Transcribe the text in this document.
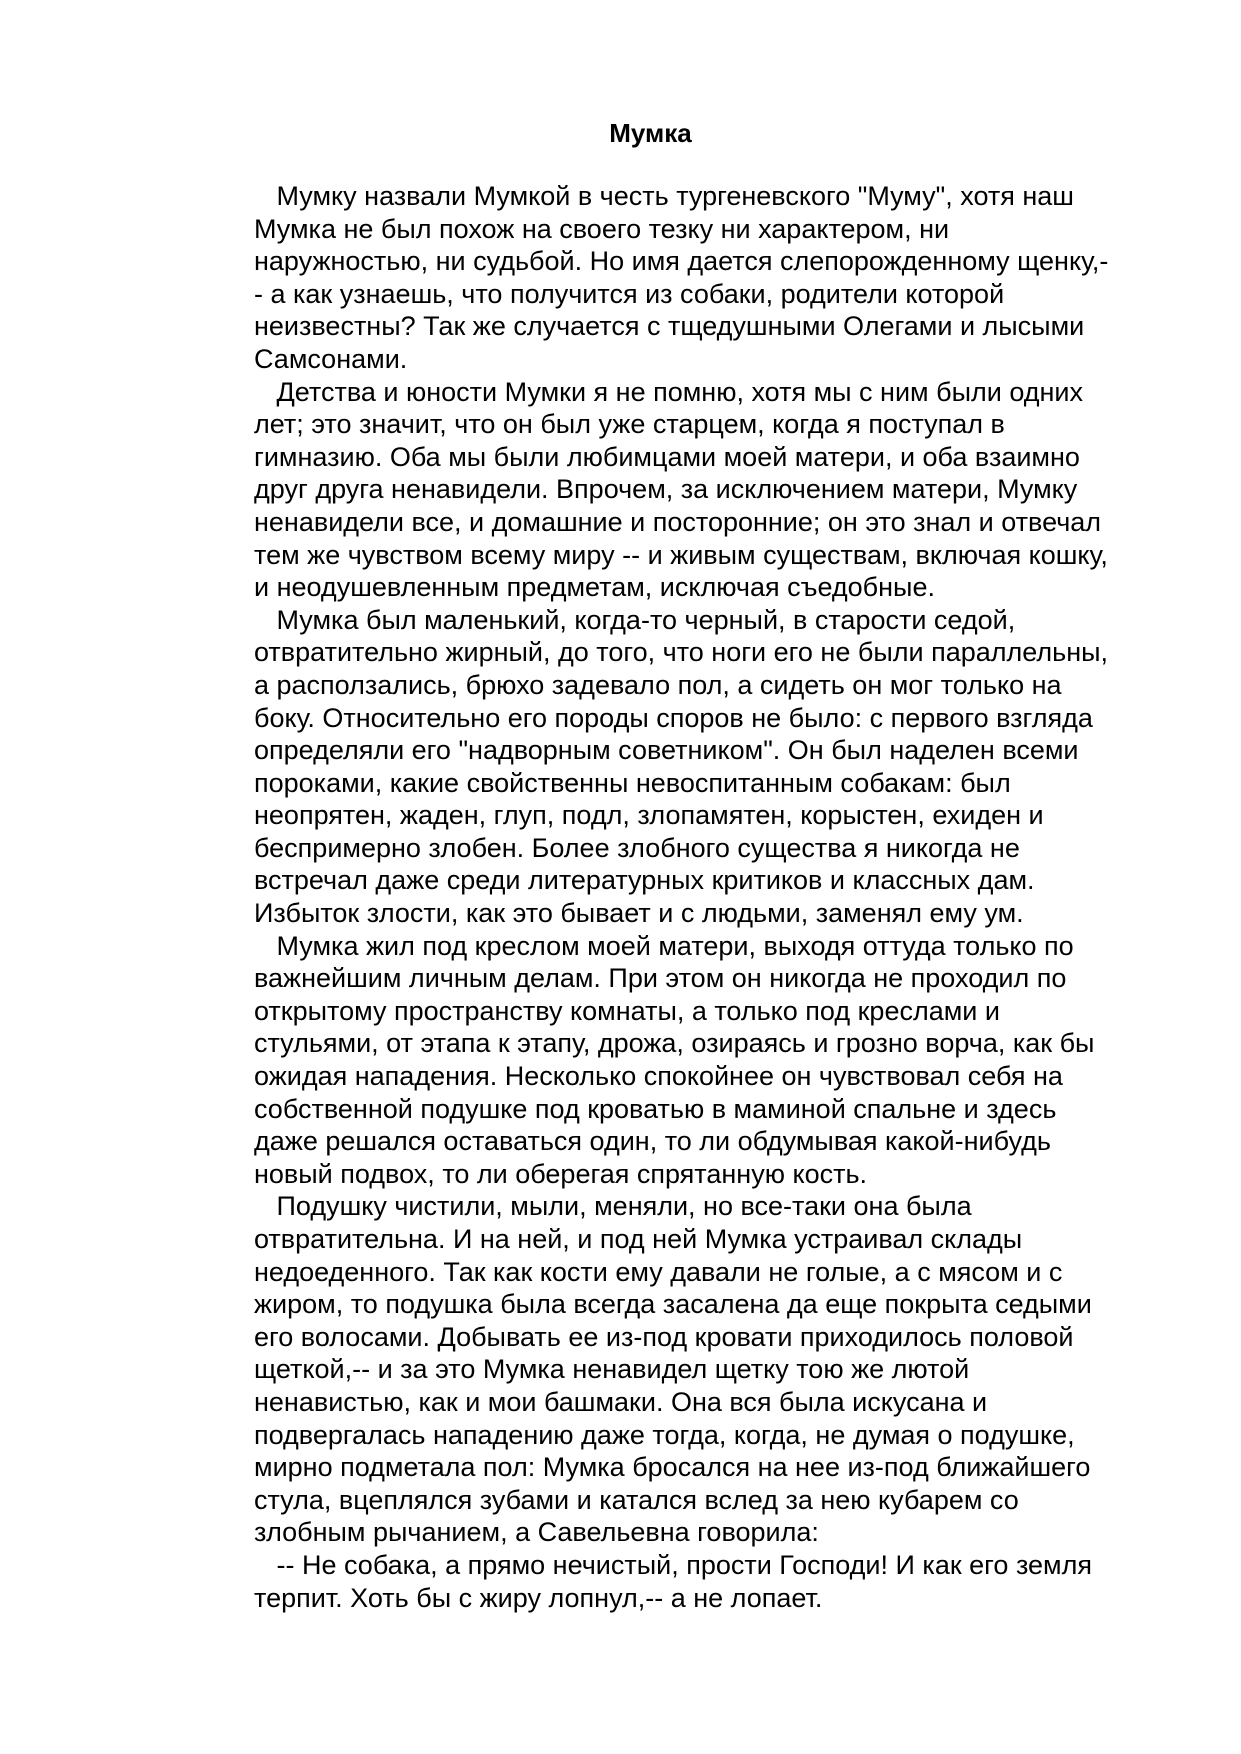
Мумка

Мумку назвали Мумкой в честь тургеневского "Муму", хотя наш
Мумка не был похож на своего тезку ни характером, ни
наружностью, ни судьбой. Но имя дается слепорожденному щенку,-
- а как узнаешь, что получится из собаки, родители которой
неизвестны? Так же случается с тщедушными Олегами и лысыми
Самсонами.

Детства и юности Мумки я не помню, хотя мы с ним были одних
лет; это значит, что он был уже старцем, когда я поступал в
гимназию. Оба мы были любимцами моей матери, и оба взаимно
друг друга ненавидели. Впрочем, за исключением матери, Мумку
ненавидели все, и домашние и посторонние; он это знал и отвечал
тем же чувством всему миру -- и живым существам, включая кошку,
и неодушевленным предметам, исключая съедобные.

Мумка был маленький, когда-то черный, в старости седой,
отвратительно жирный, до того, что ноги его не были параллельны,
а расползались, брюхо задевало пол, а сидеть он мог только на
боку. Относительно его породы споров не было: с первого взгляда
определяли его "надворным советником". Он был наделен всеми
пороками, какие свойственны невоспитанным собакам: был
неопрятен, жаден, глуп, подл, злопамятен, корыстен, ехиден и
беспримерно злобен. Более злобного существа я никогда не
встречал даже среди литературных критиков и классных дам.
Избыток злости, как это бывает и с людьми, заменял ему ум.

Мумка жил под креслом моей матери, выходя оттуда только по
важнейшим личным делам. При этом он никогда не проходил по
открытому пространству комнаты, а только под креслами и
стульями, от этапа к этапу, дрожа, озираясь и грозно ворча, как бы
ожидая нападения. Несколько спокойнее он чувствовал себя на
собственной подушке под кроватью в маминой спальне и здесь
даже решался оставаться один, то ли обдумывая какой-нибудь
новый подвох, то ли оберегая спрятанную кость.

Подушку чистили, мыли, меняли, но все-таки она была
отвратительна. И на ней, и под ней Мумка устраивал склады
недоеденного. Так как кости ему давали не голые, а с мясом и с
жиром, то подушка была всегда засалена да еще покрыта седыми
его волосами. Добывать ее из-под кровати приходилось половой
щеткой,-- и за это Мумка ненавидел щетку тою же лютой
ненавистью, как и мои башмаки. Она вся была искусана и
подвергалась нападению даже тогда, когда, не думая о подушке,
мирно подметала пол: Мумка бросался на нее из-под ближайшего
стула, вцеплялся зубами и катался вслед за нею кубарем со
злобным рычанием, а Савельевна говорила:

-- Не собака, а прямо нечистый, прости Господи! И как его земля
терпит. Хоть бы с жиру лопнул,-- а не лопает.
